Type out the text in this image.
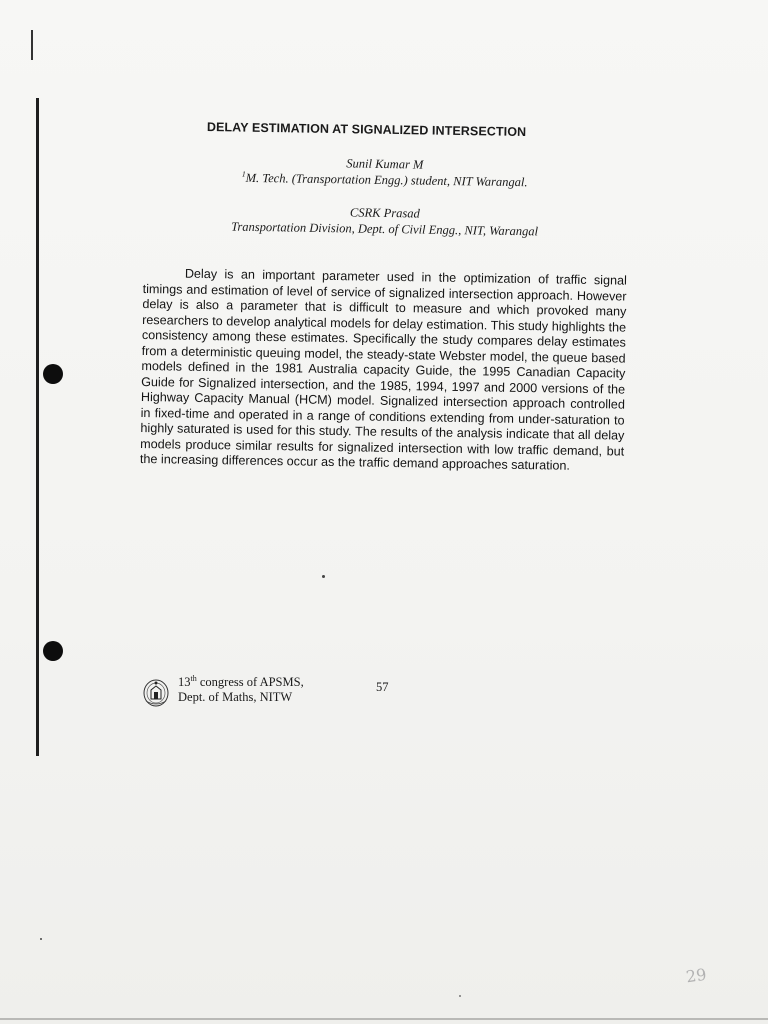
DELAY ESTIMATION AT SIGNALIZED INTERSECTION
Sunil Kumar M
$^1$M. Tech. (Transportation Engg.) student, NIT Warangal.
CSRK Prasad
Transportation Division, Dept. of Civil Engg., NIT, Warangal
Delay is an important parameter used in the optimization of traffic signal timings and estimation of level of service of signalized intersection approach. However delay is also a parameter that is difficult to measure and which provoked many researchers to develop analytical models for delay estimation. This study highlights the consistency among these estimates. Specifically the study compares delay estimates from a deterministic queuing model, the steady-state Webster model, the queue based models defined in the 1981 Australia capacity Guide, the 1995 Canadian Capacity Guide for Signalized intersection, and the 1985, 1994, 1997 and 2000 versions of the Highway Capacity Manual (HCM) model. Signalized intersection approach controlled in fixed-time and operated in a range of conditions extending from under-saturation to highly saturated is used for this study. The results of the analysis indicate that all delay models produce similar results for signalized intersection with low traffic demand, but the increasing differences occur as the traffic demand approaches saturation.
13th congress of APSMS,
Dept. of Maths, NITW
57
29
